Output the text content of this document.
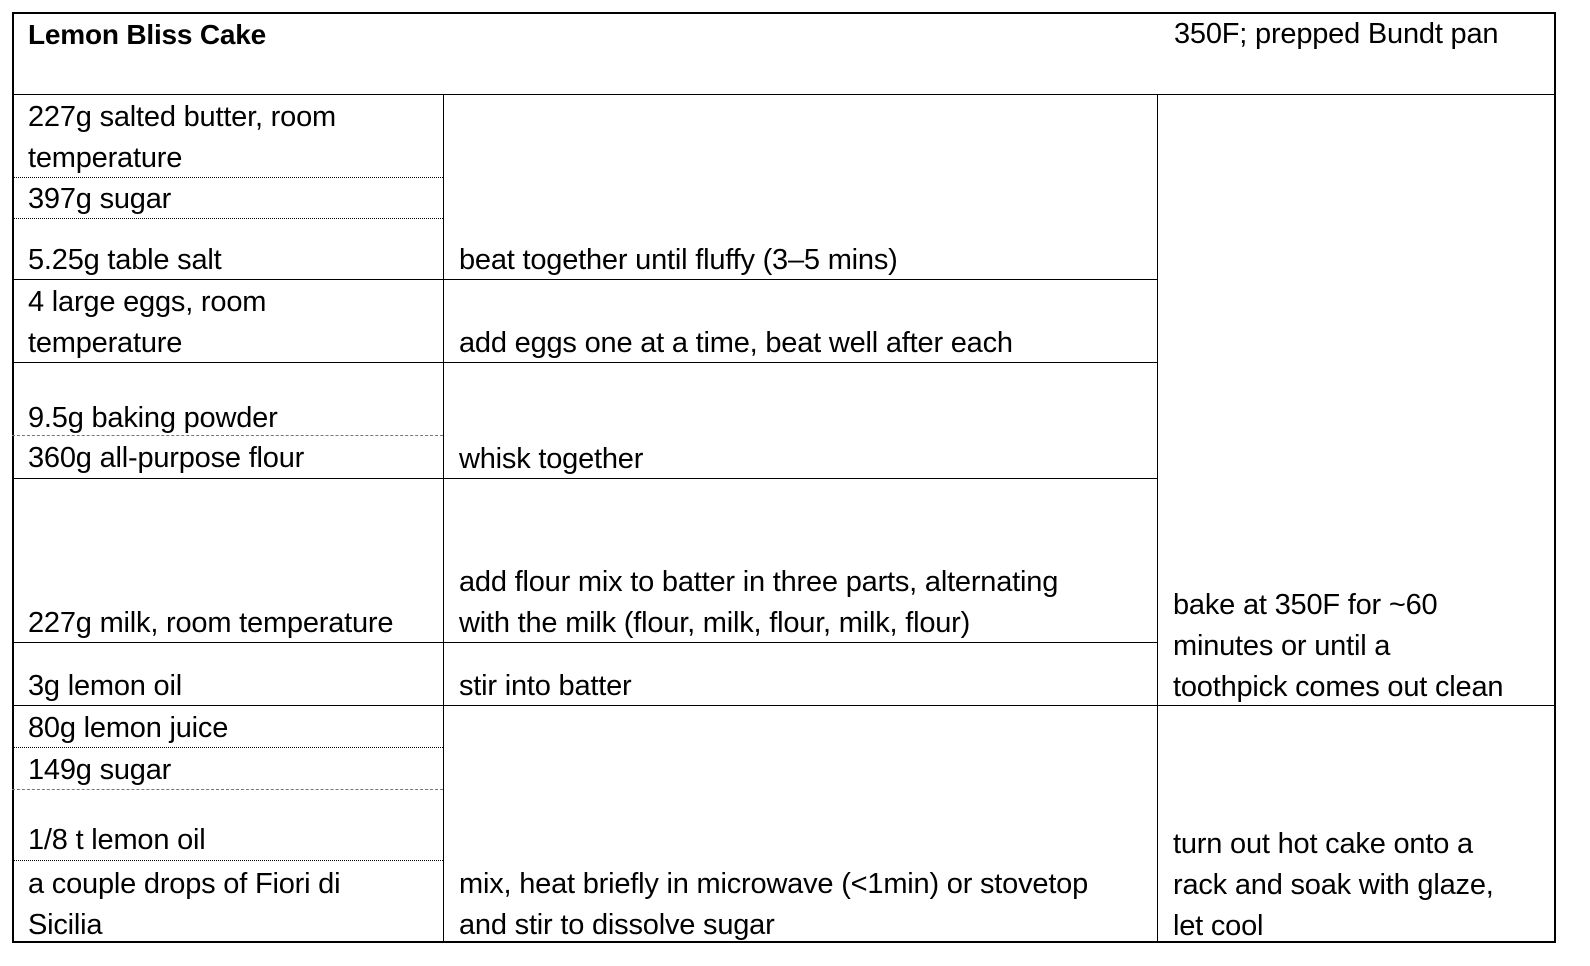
Lemon Bliss Cake	350F; prepped Bundt pan
227g salted butter, room
temperature
397g sugar
5.25g table salt
4 large eggs, room
temperature
9.5g baking powder
360g all-purpose flour
227g milk, room temperature
3g lemon oil
80g lemon juice
149g sugar
1/8 t lemon oil
a couple drops of Fiori di
Sicilia
beat together until fluffy (3–5 mins)
add eggs one at a time, beat well after each
whisk together
add flour mix to batter in three parts, alternating
with the milk (flour, milk, flour, milk, flour)
stir into batter
mix, heat briefly in microwave (<1min) or stovetop
and stir to dissolve sugar
bake at 350F for ~60
minutes or until a
toothpick comes out clean
turn out hot cake onto a
rack and soak with glaze,
let cool
